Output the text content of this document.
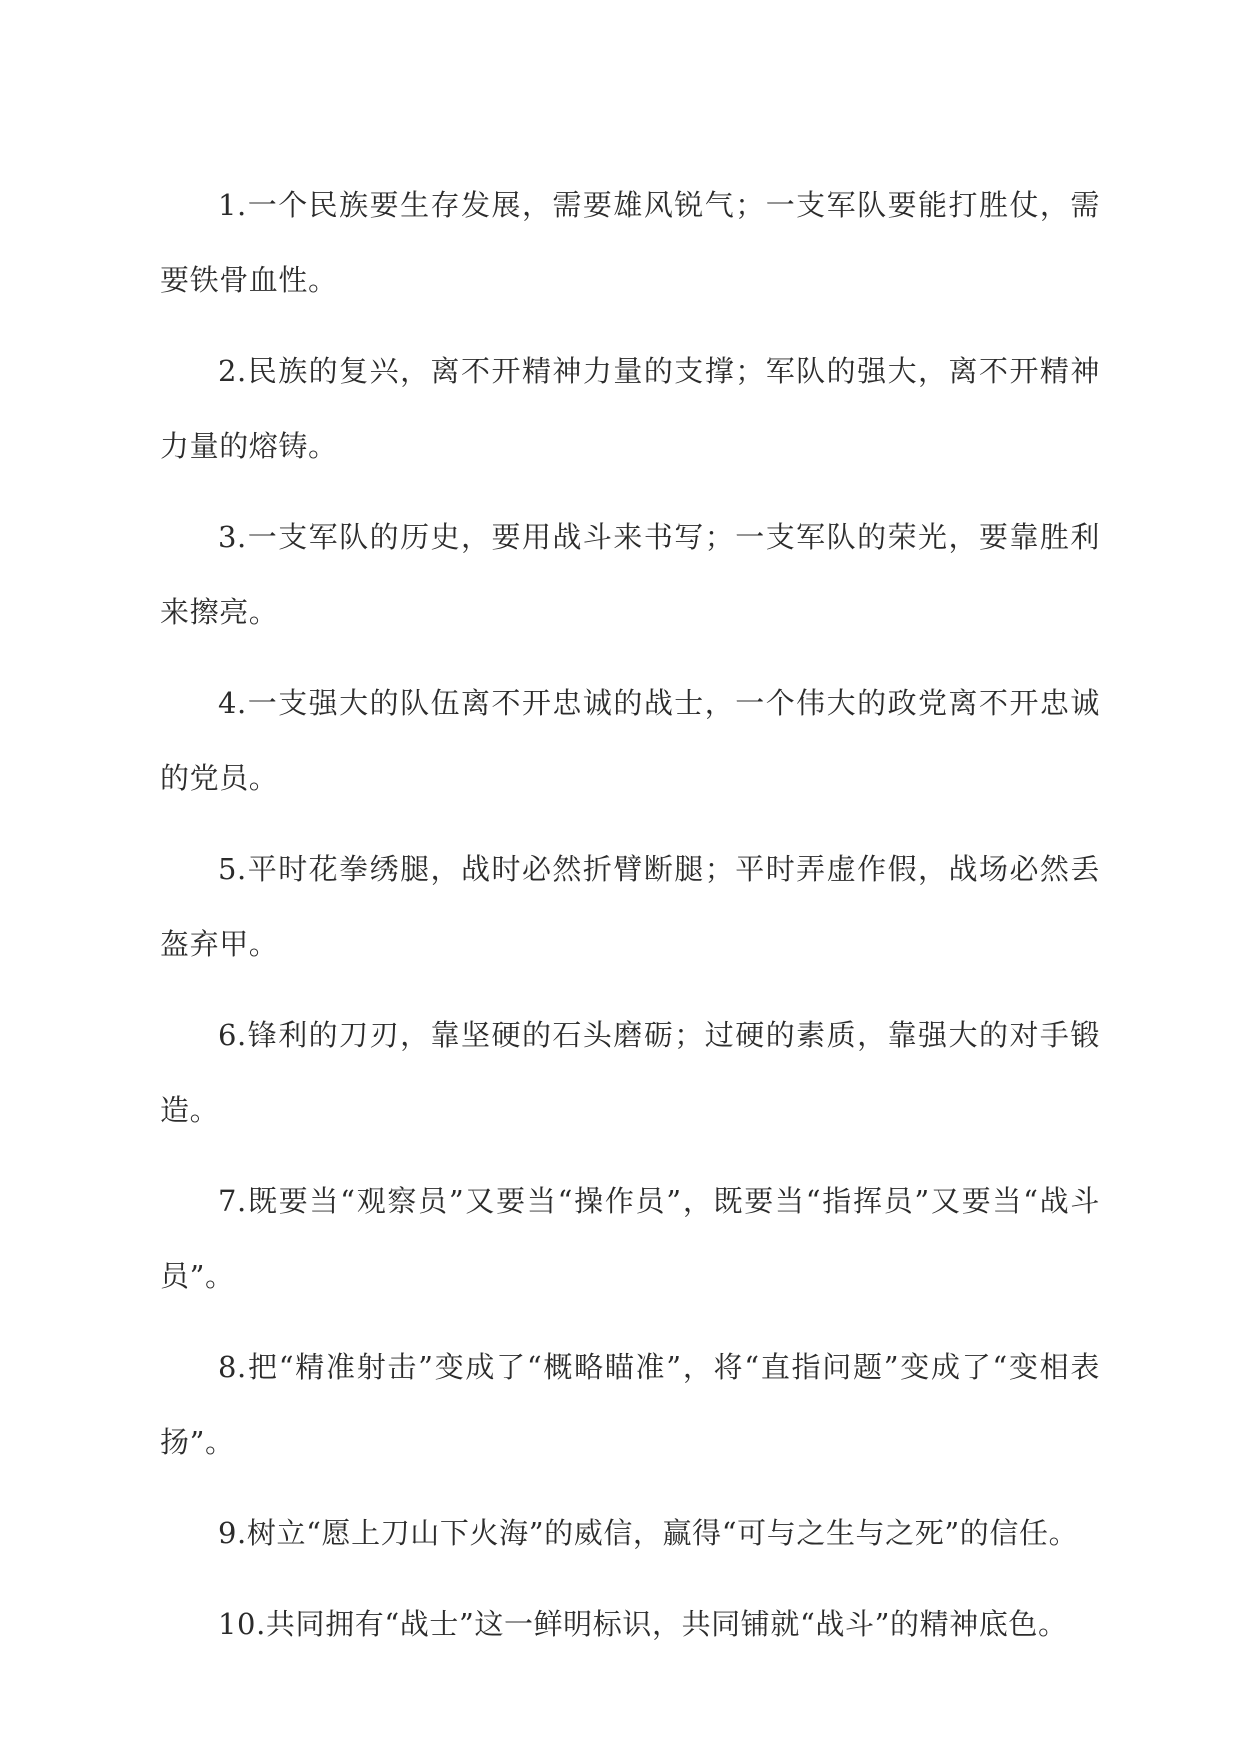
1.一个民族要生存发展，需要雄风锐气；一支军队要能打胜仗，需要铁骨血性。

2.民族的复兴，离不开精神力量的支撑；军队的强大，离不开精神力量的熔铸。

3.一支军队的历史，要用战斗来书写；一支军队的荣光，要靠胜利来擦亮。

4.一支强大的队伍离不开忠诚的战士，一个伟大的政党离不开忠诚的党员。

5.平时花拳绣腿，战时必然折臂断腿；平时弄虚作假，战场必然丢盔弃甲。

6.锋利的刀刃，靠坚硬的石头磨砺；过硬的素质，靠强大的对手锻造。

7.既要当“观察员”又要当“操作员”，既要当“指挥员”又要当“战斗员”。

8.把“精准射击”变成了“概略瞄准”，将“直指问题”变成了“变相表扬”。

9.树立“愿上刀山下火海”的威信，赢得“可与之生与之死”的信任。

10.共同拥有“战士”这一鲜明标识，共同铺就“战斗”的精神底色。
